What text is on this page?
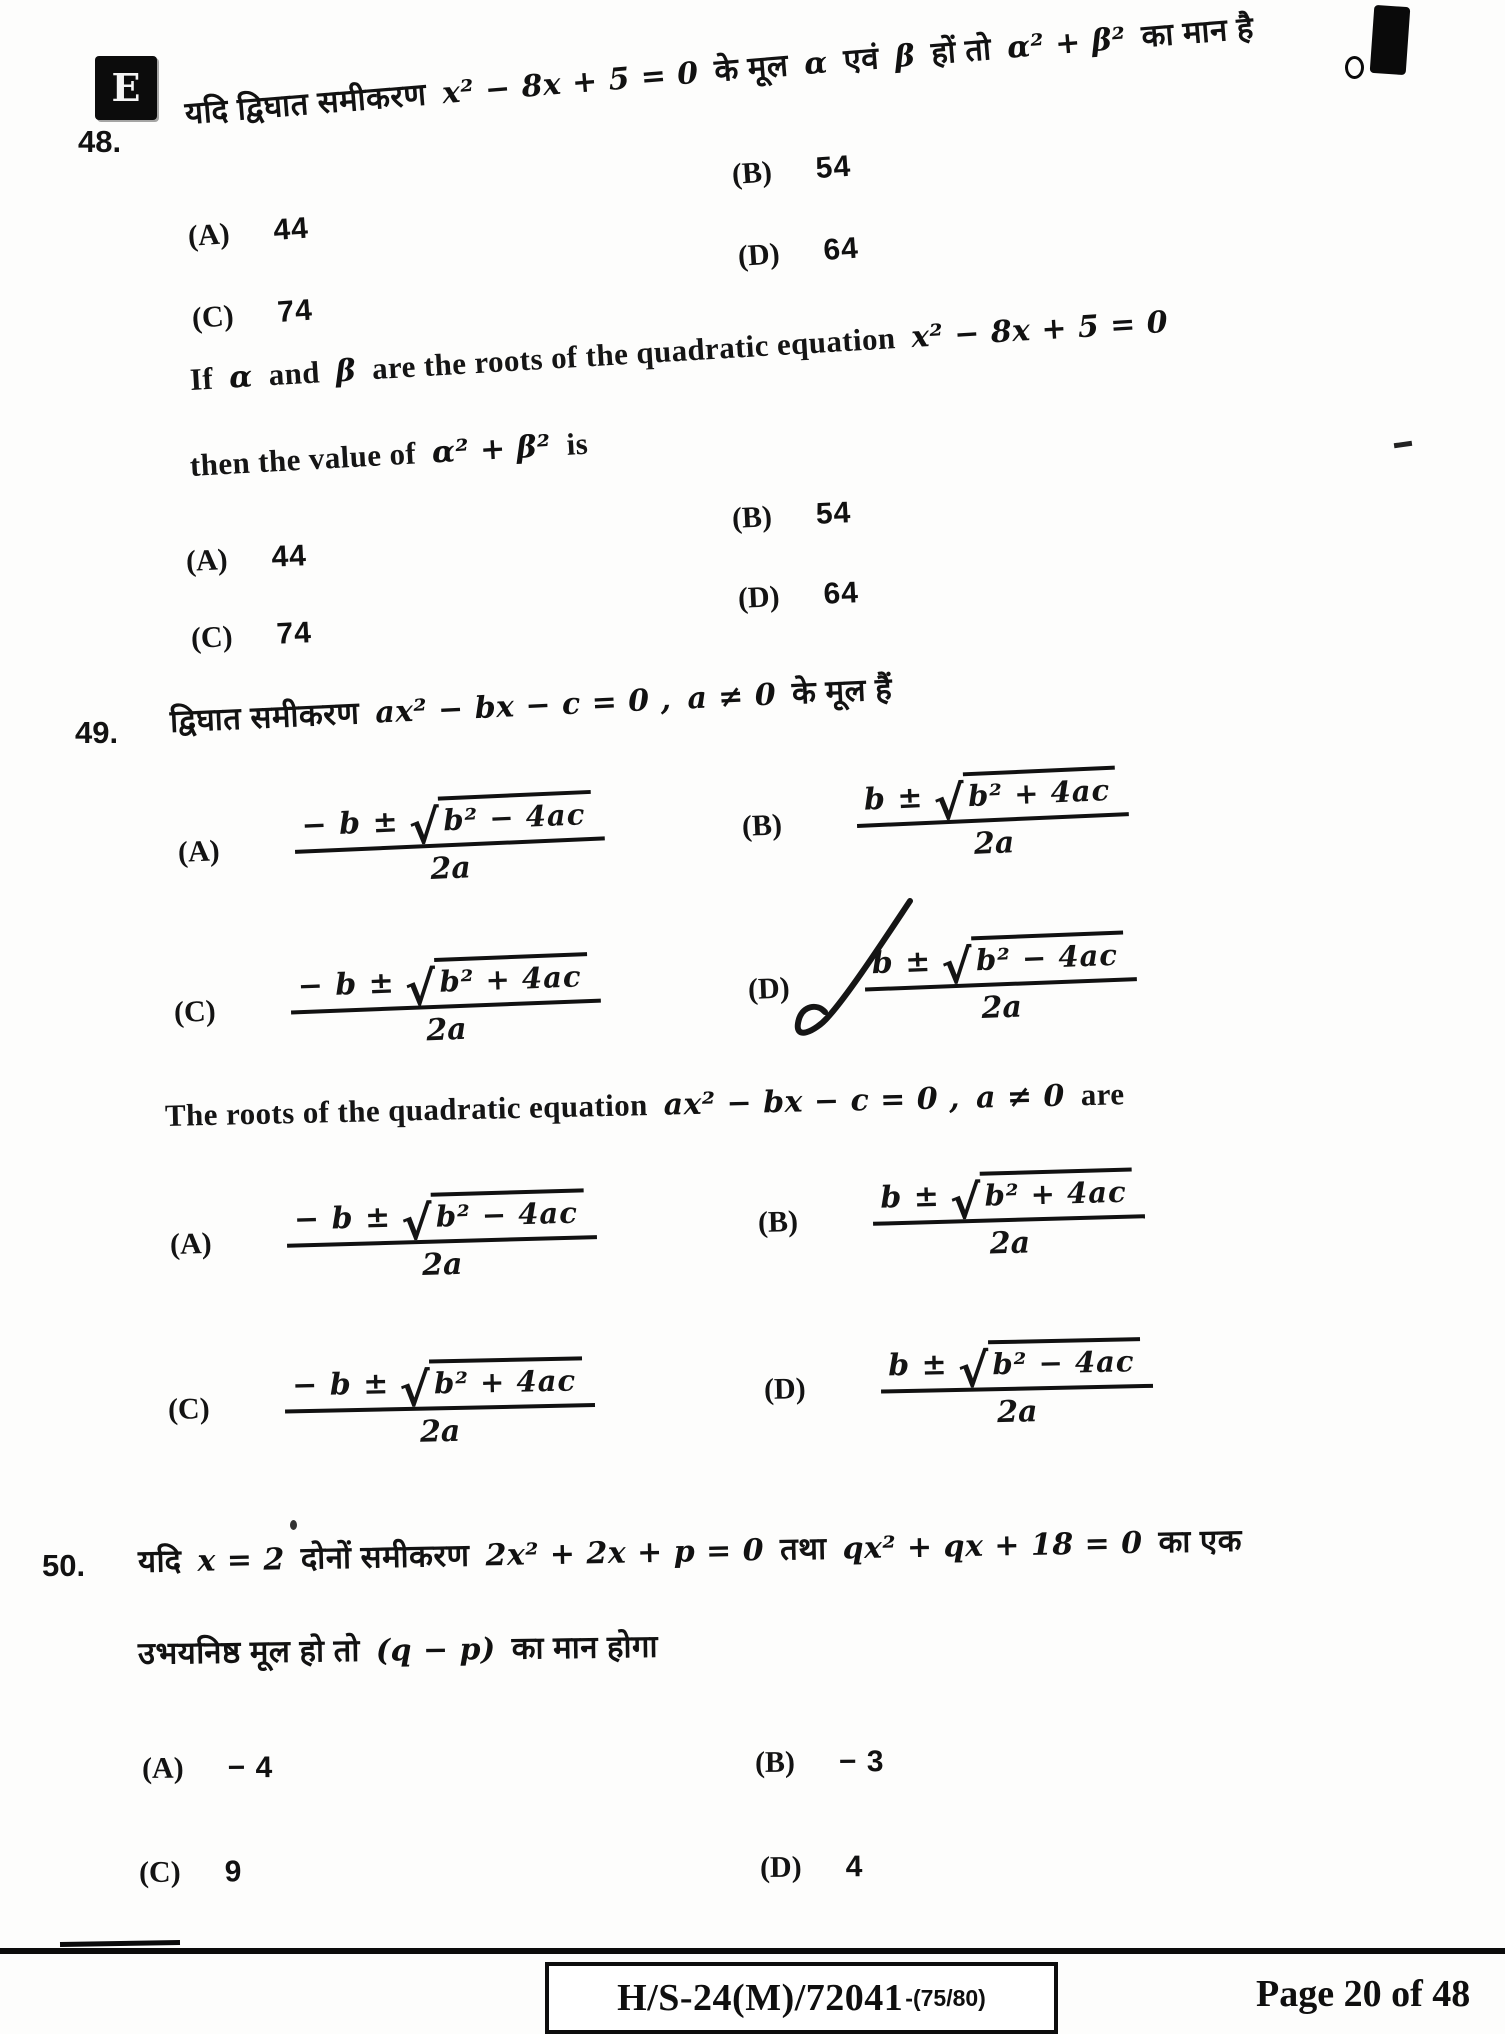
E
48.
यदि द्विघात समीकरण x² − 8x + 5 = 0 के मूल α एवं β हों तो α² + β² का मान है
(B) 54
(A) 44
(D) 64
(C) 74
If α and β are the roots of the quadratic equation x² − 8x + 5 = 0
then the value of α² + β² is
(B) 54
(A) 44
(D) 64
(C) 74
49. द्विघात समीकरण ax² − bx − c = 0 , a ≠ 0 के मूल हैं
$(A) \frac{\text{− b ± √ b² − 4ac}}{2a}$	$(B) \frac{\text{b ± √ b² + 4ac}}{2a}$
$(C) \frac{\text{− b ± √ b² + 4ac}}{2a}$	$(D) \frac{\text{b ± √ b² − 4ac}}{2a}$
The roots of the quadratic equation ax² − bx − c = 0 , a ≠ 0 are
$(A) \frac{\text{− b ± √ b² − 4ac}}{2a}$	$(B) \frac{\text{b ± √ b² + 4ac}}{2a}$
$(C) \frac{\text{− b ± √ b² + 4ac}}{2a}$	$(D) \frac{\text{b ± √ b² − 4ac}}{2a}$
50. यदि x = 2 दोनों समीकरण 2x² + 2x + p = 0 तथा qx² + qx + 18 = 0 का एक
उभयनिष्ठ मूल हो तो (q − p) का मान होगा
(A) − 4	(B) − 3
(C) 9	(D) 4
H/S-24(M)/72041 -(75/80)	Page 20 of 48
